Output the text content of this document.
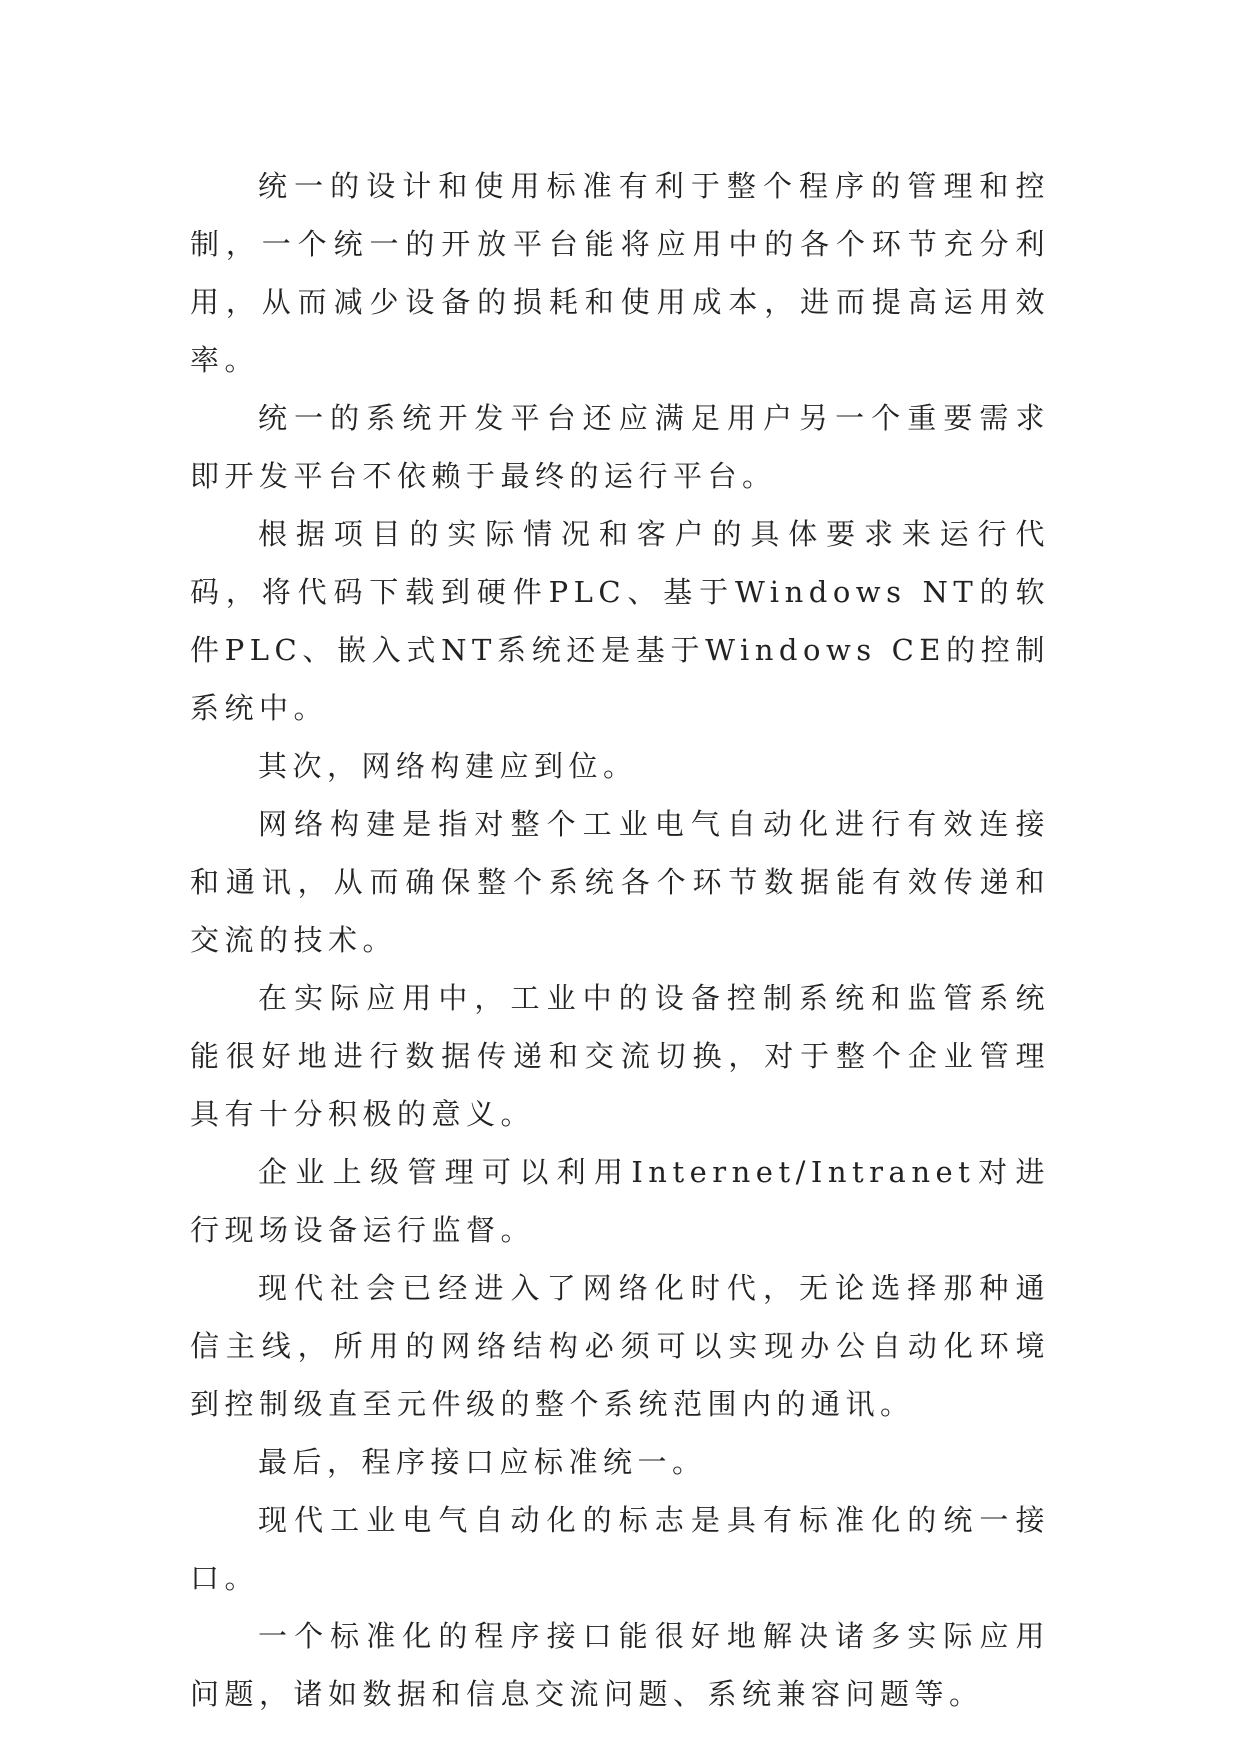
统一的设计和使用标准有利于整个程序的管理和控制，一个统一的开放平台能将应用中的各个环节充分利用，从而减少设备的损耗和使用成本，进而提高运用效率。

统一的系统开发平台还应满足用户另一个重要需求即开发平台不依赖于最终的运行平台。

根据项目的实际情况和客户的具体要求来运行代码，将代码下载到硬件PLC、基于Windows NT的软件PLC、嵌入式NT系统还是基于Windows CE的控制系统中。

其次，网络构建应到位。

网络构建是指对整个工业电气自动化进行有效连接和通讯，从而确保整个系统各个环节数据能有效传递和交流的技术。

在实际应用中，工业中的设备控制系统和监管系统能很好地进行数据传递和交流切换，对于整个企业管理具有十分积极的意义。

企业上级管理可以利用Internet/Intranet对进行现场设备运行监督。

现代社会已经进入了网络化时代，无论选择那种通信主线，所用的网络结构必须可以实现办公自动化环境到控制级直至元件级的整个系统范围内的通讯。

最后，程序接口应标准统一。

现代工业电气自动化的标志是具有标准化的统一接口。

一个标准化的程序接口能很好地解决诸多实际应用问题，诸如数据和信息交流问题、系统兼容问题等。
